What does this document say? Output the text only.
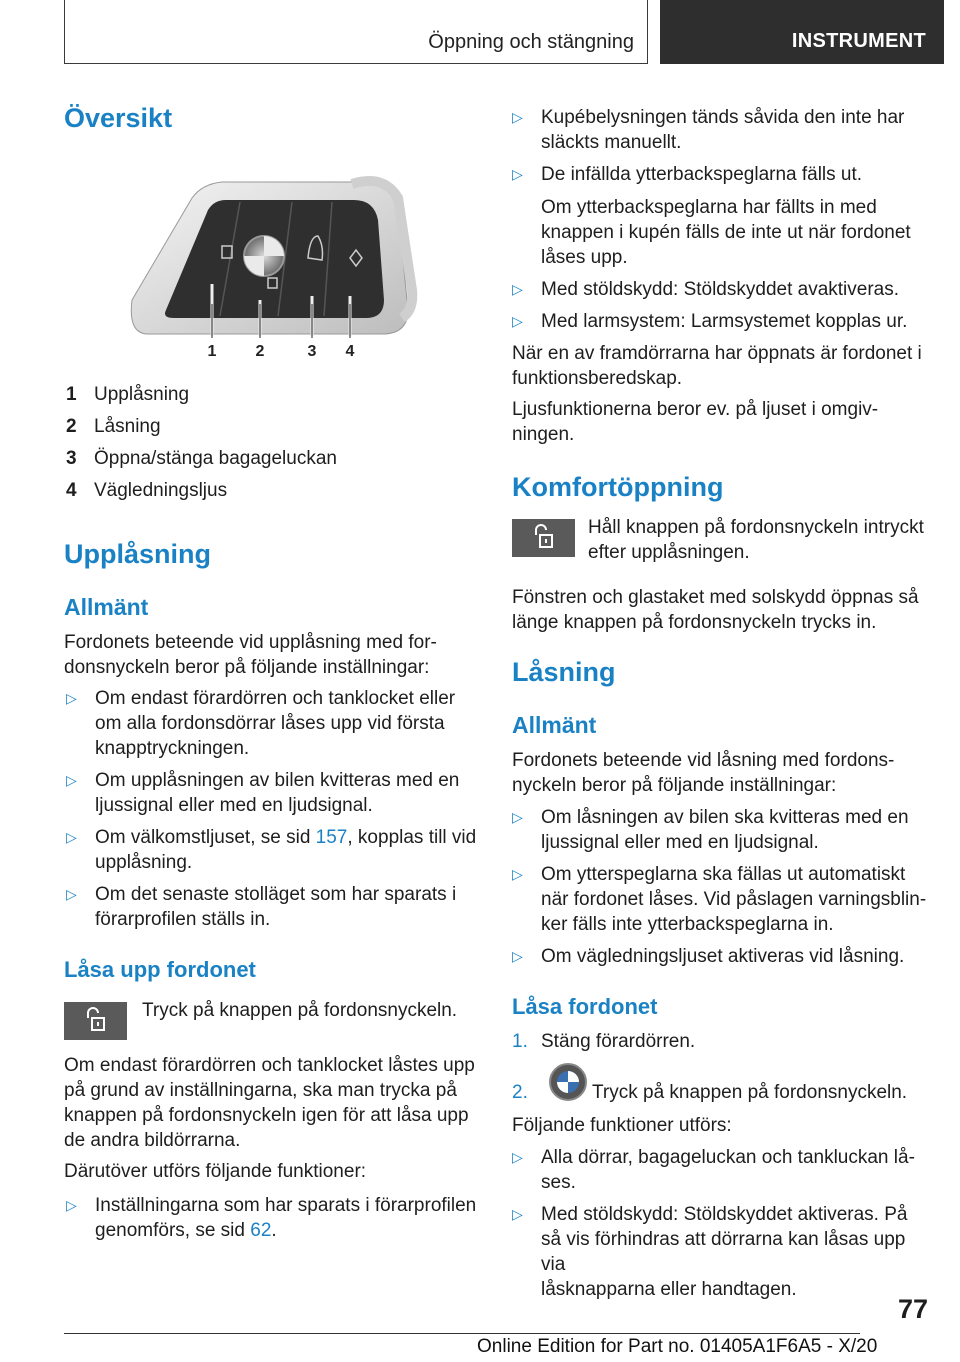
Öppning och stängning	INSTRUMENT
Översikt
1 2	3 4
1 Upplåsning
2 Låsning
3 Öppna/stänga bagageluckan
4 Vägledningsljus
Upplåsning
Allmänt

Fordonets beteende vid upplåsning med for-

donsnyckeln beror på följande inställningar:

▷ Om endast förardörren och tanklocket eller
om alla fordonsdörrar låses upp vid första
knapptryckningen.
▷ Om upplåsningen av bilen kvitteras med en
ljussignal eller med en ljudsignal.
▷ Om välkomstljuset, se sid 157, kopplas till vid
upplåsning.
▷ Om det senaste stolläget som har sparats i
förarprofilen ställs in.
Låsa upp fordonet

Tryck på knappen på fordonsnyckeln.

Om endast förardörren och tanklocket låstes upp

på grund av inställningarna, ska man trycka på

knappen på fordonsnyckeln igen för att låsa upp

de andra bildörrarna.

Därutöver utförs följande funktioner:

▷ Inställningarna som har sparats i förarprofilen
genomförs, se sid 62.
▷ Kupébelysningen tänds såvida den inte har
släckts manuellt.
▷ De infällda ytterbackspeglarna fälls ut.

Om ytterbackspeglarna har fällts in med

knappen i kupén fälls de inte ut när fordonet

låses upp.

▷ Med stöldskydd: Stöldskyddet avaktiveras.
▷ Med larmsystem: Larmsystemet kopplas ur.

När en av framdörrarna har öppnats är fordonet i

funktionsberedskap.

Ljusfunktionerna beror ev. på ljuset i omgiv-

ningen.

Komfortöppning

Håll knappen på fordonsnyckeln intryckt

efter upplåsningen.

Fönstren och glastaket med solskydd öppnas så

länge knappen på fordonsnyckeln trycks in.

Låsning
Allmänt

Fordonets beteende vid låsning med fordons-

nyckeln beror på följande inställningar:

▷ Om låsningen av bilen ska kvitteras med en
ljussignal eller med en ljudsignal.
▷ Om ytterspeglarna ska fällas ut automatiskt
när fordonet låses. Vid påslagen varningsblin-
ker fälls inte ytterbackspeglarna in.
▷ Om vägledningsljuset aktiveras vid låsning.
Låsa fordonet
1. Stäng förardörren.
2.	Tryck på knappen på fordonsnyckeln.

Följande funktioner utförs:

▷ Alla dörrar, bagageluckan och tankluckan lå-
ses.
▷ Med stöldskydd: Stöldskyddet aktiveras. På
så vis förhindras att dörrarna kan låsas upp via
låsknapparna eller handtagen.
77
Online Edition for Part no. 01405A1F6A5 - X/20
